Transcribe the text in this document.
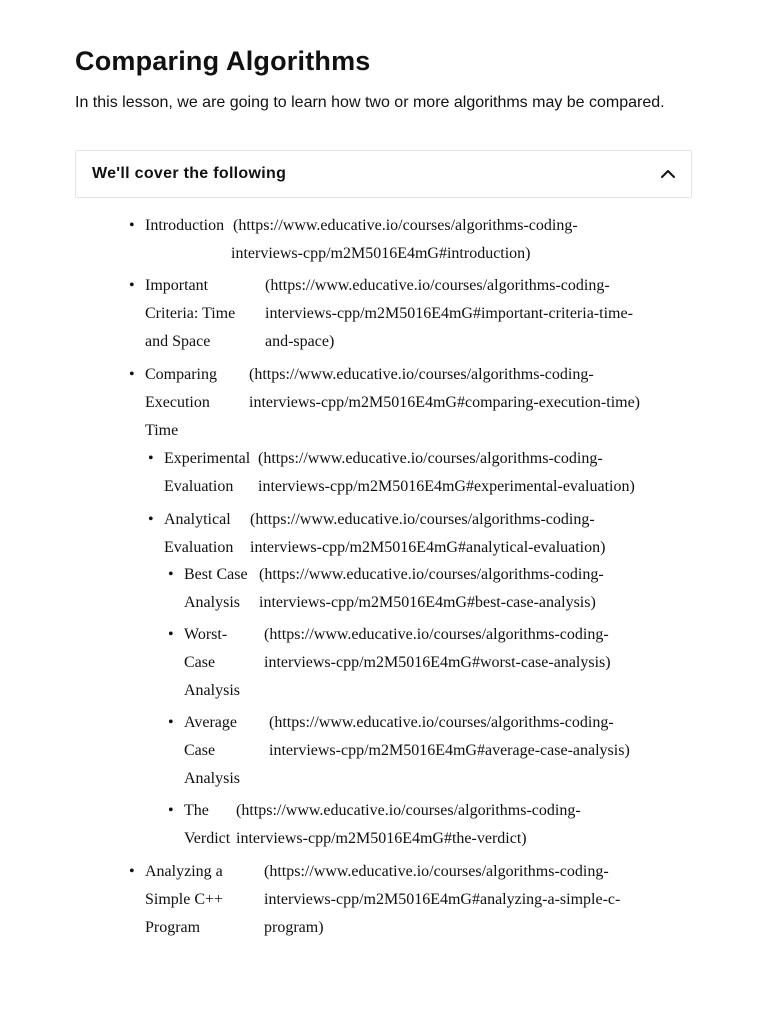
Comparing Algorithms

In this lesson, we are going to learn how two or more algorithms may be compared.

We'll cover the following
• Introduction (https://www.educative.io/courses/algorithms-coding-
interviews-cpp/m2M5016E4mG#introduction)
• Important
Criteria: Time
and Space
(https://www.educative.io/courses/algorithms-coding-
interviews-cpp/m2M5016E4mG#important-criteria-time-
and-space)
• Comparing
Execution
Time
(https://www.educative.io/courses/algorithms-coding-
interviews-cpp/m2M5016E4mG#comparing-execution-time)
• Experimental
Evaluation
(https://www.educative.io/courses/algorithms-coding-
interviews-cpp/m2M5016E4mG#experimental-evaluation)
• Analytical
Evaluation
(https://www.educative.io/courses/algorithms-coding-
interviews-cpp/m2M5016E4mG#analytical-evaluation)
• Best Case
Analysis
(https://www.educative.io/courses/algorithms-coding-
interviews-cpp/m2M5016E4mG#best-case-analysis)
• Worst-
Case
Analysis
(https://www.educative.io/courses/algorithms-coding-
interviews-cpp/m2M5016E4mG#worst-case-analysis)
• Average
Case
Analysis
(https://www.educative.io/courses/algorithms-coding-
interviews-cpp/m2M5016E4mG#average-case-analysis)
• The
Verdict
(https://www.educative.io/courses/algorithms-coding-
interviews-cpp/m2M5016E4mG#the-verdict)
• Analyzing a
Simple C++
Program
(https://www.educative.io/courses/algorithms-coding-
interviews-cpp/m2M5016E4mG#analyzing-a-simple-c-
program)
